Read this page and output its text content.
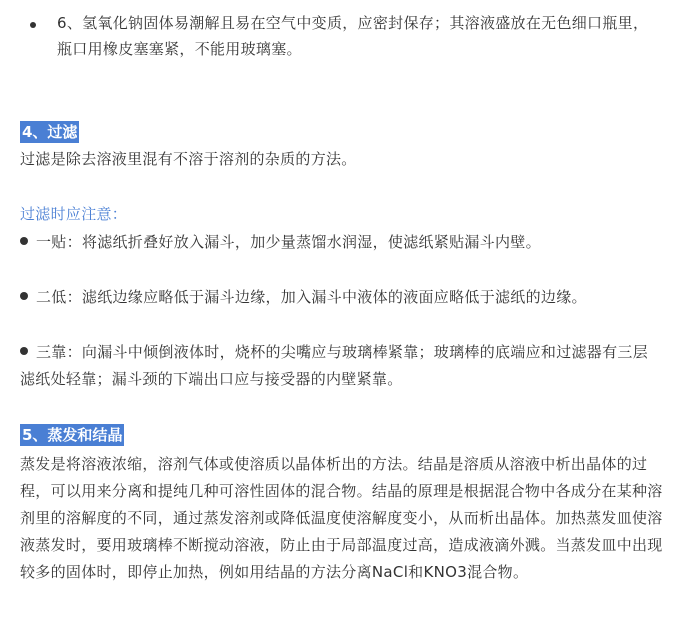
6、氢氧化钠固体易潮解且易在空气中变质，应密封保存；其溶液盛放在无色细口瓶里，瓶口用橡皮塞塞紧，不能用玻璃塞。
4、过滤
过滤是除去溶液里混有不溶于溶剂的杂质的方法。
过滤时应注意：
一贴：将滤纸折叠好放入漏斗，加少量蒸馏水润湿，使滤纸紧贴漏斗内壁。
二低：滤纸边缘应略低于漏斗边缘，加入漏斗中液体的液面应略低于滤纸的边缘。
三靠：向漏斗中倾倒液体时，烧杯的尖嘴应与玻璃棒紧靠；玻璃棒的底端应和过滤器有三层滤纸处轻靠；漏斗颈的下端出口应与接受器的内壁紧靠。
5、蒸发和结晶
蒸发是将溶液浓缩，溶剂气体或使溶质以晶体析出的方法。结晶是溶质从溶液中析出晶体的过程，可以用来分离和提纯几种可溶性固体的混合物。结晶的原理是根据混合物中各成分在某种溶剂里的溶解度的不同，通过蒸发溶剂或降低温度使溶解度变小，从而析出晶体。加热蒸发皿使溶液蒸发时，要用玻璃棒不断搅动溶液，防止由于局部温度过高，造成液滴外溅。当蒸发皿中出现较多的固体时，即停止加热，例如用结晶的方法分离NaCl和KNO3混合物。
